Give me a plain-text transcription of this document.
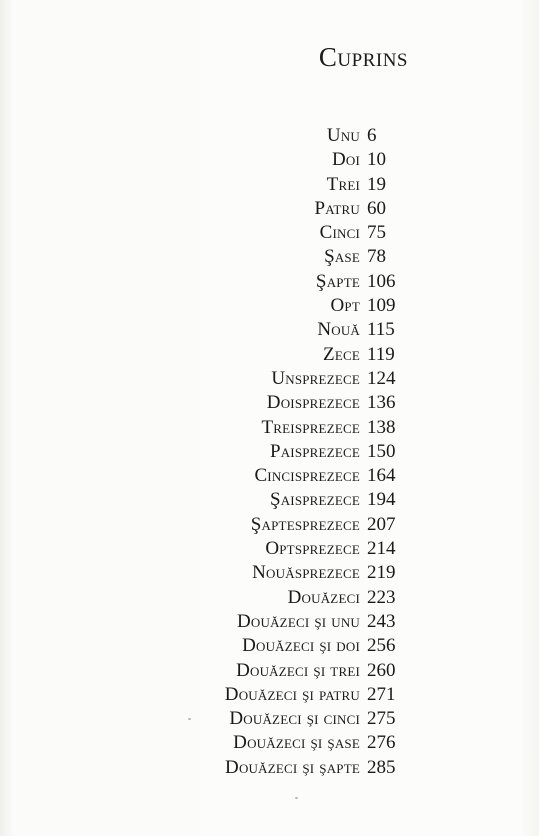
Cuprins
Unu 6
Doi 10
Trei 19
Patru 60
Cinci 75
Şase 78
Şapte 106
Opt 109
Nouă 115
Zece 119
Unsprezece 124
Doisprezece 136
Treisprezece 138
Paisprezece 150
Cincisprezece 164
Şaisprezece 194
Şaptesprezece 207
Optsprezece 214
Nouăsprezece 219
Douăzeci 223
Douăzeci şi unu 243
Douăzeci şi doi 256
Douăzeci şi trei 260
Douăzeci şi patru 271
Douăzeci şi cinci 275
Douăzeci şi şase 276
Douăzeci şi şapte 285
